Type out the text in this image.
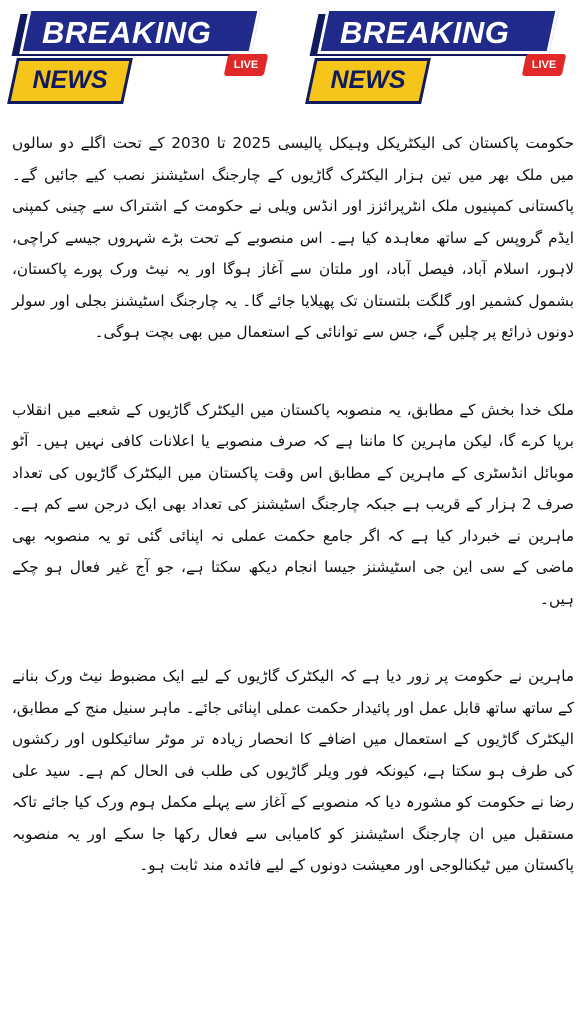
BREAKING
LIVE
NEWS
BREAKING
LIVE
NEWS

حکومت پاکستان کی الیکٹریکل وہیکل پالیسی 2025 تا 2030 کے تحت اگلے دو سالوں میں ملک بھر میں تین ہزار الیکٹرک گاڑیوں کے چارجنگ اسٹیشنز نصب کیے جائیں گے۔ پاکستانی کمپنیوں ملک انٹرپرائزز اور انڈس ویلی نے حکومت کے اشتراک سے چینی کمپنی ایڈم گروپس کے ساتھ معاہدہ کیا ہے۔ اس منصوبے کے تحت بڑے شہروں جیسے کراچی، لاہور، اسلام آباد، فیصل آباد، اور ملتان سے آغاز ہوگا اور یہ نیٹ ورک پورے پاکستان، بشمول کشمیر اور گلگت بلتستان تک پھیلایا جائے گا۔ یہ چارجنگ اسٹیشنز بجلی اور سولر دونوں ذرائع پر چلیں گے، جس سے توانائی کے استعمال میں بھی بچت ہوگی۔

ملک خدا بخش کے مطابق، یہ منصوبہ پاکستان میں الیکٹرک گاڑیوں کے شعبے میں انقلاب برپا کرے گا، لیکن ماہرین کا ماننا ہے کہ صرف منصوبے یا اعلانات کافی نہیں ہیں۔ آٹو موبائل انڈسٹری کے ماہرین کے مطابق اس وقت پاکستان میں الیکٹرک گاڑیوں کی تعداد صرف 2 ہزار کے قریب ہے جبکہ چارجنگ اسٹیشنز کی تعداد بھی ایک درجن سے کم ہے۔ ماہرین نے خبردار کیا ہے کہ اگر جامع حکمت عملی نہ اپنائی گئی تو یہ منصوبہ بھی ماضی کے سی این جی اسٹیشنز جیسا انجام دیکھ سکتا ہے، جو آج غیر فعال ہو چکے ہیں۔

ماہرین نے حکومت پر زور دیا ہے کہ الیکٹرک گاڑیوں کے لیے ایک مضبوط نیٹ ورک بنانے کے ساتھ ساتھ قابل عمل اور پائیدار حکمت عملی اپنائی جائے۔ ماہر سنیل منج کے مطابق، الیکٹرک گاڑیوں کے استعمال میں اضافے کا انحصار زیادہ تر موٹر سائیکلوں اور رکشوں کی طرف ہو سکتا ہے، کیونکہ فور ویلر گاڑیوں کی طلب فی الحال کم ہے۔ سید علی رضا نے حکومت کو مشورہ دیا کہ منصوبے کے آغاز سے پہلے مکمل ہوم ورک کیا جائے تاکہ مستقبل میں ان چارجنگ اسٹیشنز کو کامیابی سے فعال رکھا جا سکے اور یہ منصوبہ پاکستان میں ٹیکنالوجی اور معیشت دونوں کے لیے فائدہ مند ثابت ہو۔
